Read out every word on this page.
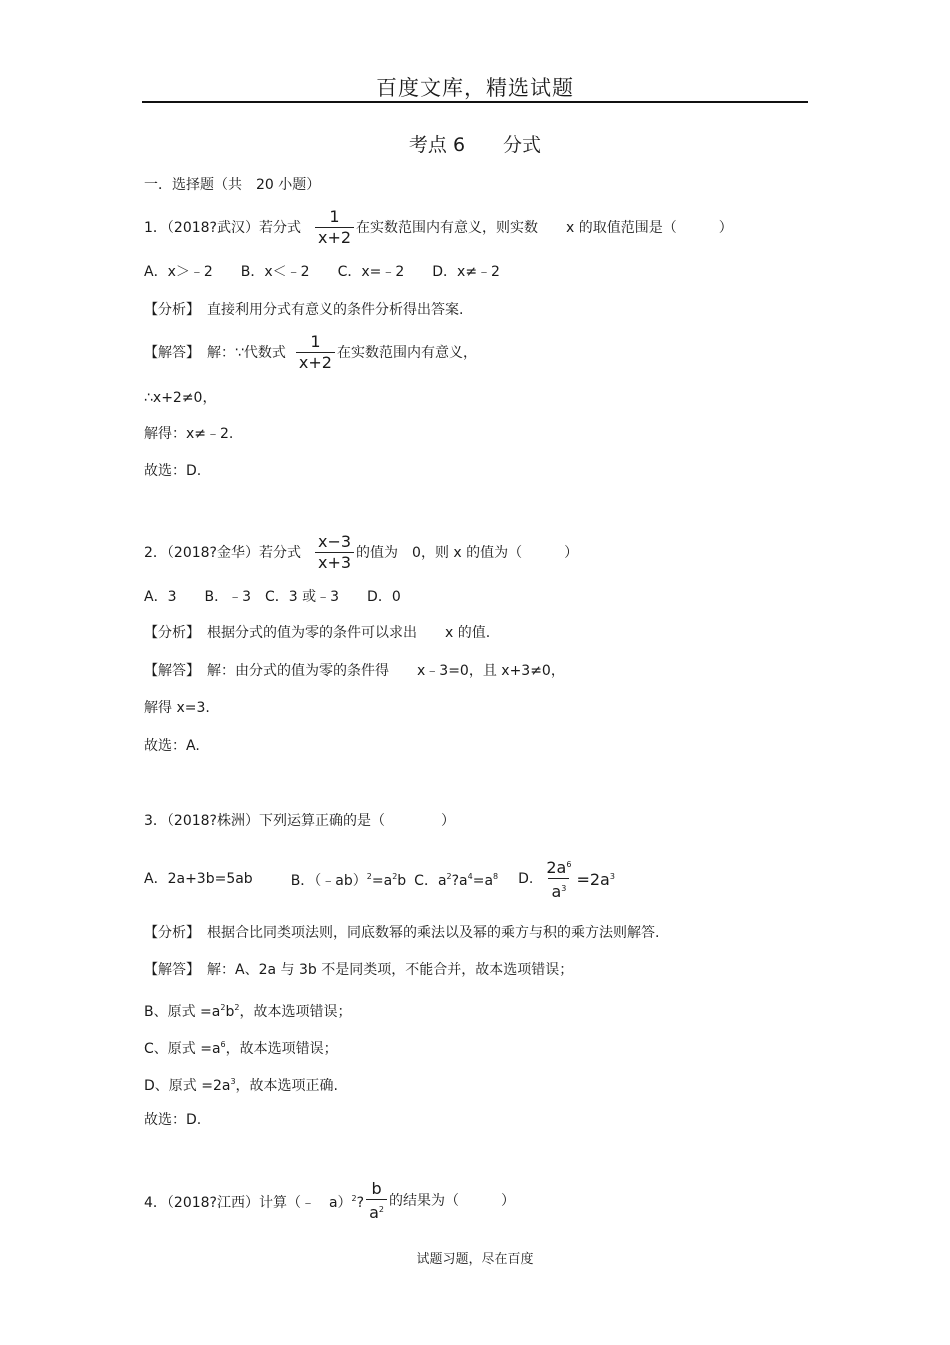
百度文库，精选试题
考点 6　　分式
一．选择题（共　20 小题）
1．（2018?武汉）若分式 $\frac{1}{x+2}$ 在实数范围内有意义，则实数　　x 的取值范围是（　　　）
A．x＞﹣2　　B．x＜﹣2　　C．x=﹣2　　D．x≠﹣2
【分析】　直接利用分式有意义的条件分析得出答案.
【解答】　解：∵代数式 $\frac{1}{x+2}$ 在实数范围内有意义，
∴x+2≠0，
解得：x≠﹣2.
故选：D.
2．（2018?金华）若分式 $\frac{x-3}{x+3}$ 的值为　0，则 x 的值为（　　　）
A．3　　B．﹣3　C．3 或﹣3　　D．0
【分析】　根据分式的值为零的条件可以求出　　x 的值.
【解答】　解：由分式的值为零的条件得　　x﹣3=0，且 x+3≠0，
解得 x=3.
故选：A.
3．（2018?株洲）下列运算正确的是（　　　　）
A．2a+3b=5ab	B．$(﹣ab)^2=a^2b$ C．$a^2?a^4=a^8$ D. $\frac{2a^6}{a^3} =2a^3$
【分析】　根据合比同类项法则，同底数幂的乘法以及幂的乘方与积的乘方法则解答.
【解答】　解：A、2a 与 3b 不是同类项，不能合并，故本选项错误；
B、原式 $=a^2b^2$，故本选项错误；
C、原式 $=a^6$，故本选项错误；
D、原式 $=2a^3$，故本选项正确.
故选：D.
4．（2018?江西）计算（﹣　a）$^2$? $\frac{b}{a^2}$ 的结果为（　　　）
试题习题，尽在百度
